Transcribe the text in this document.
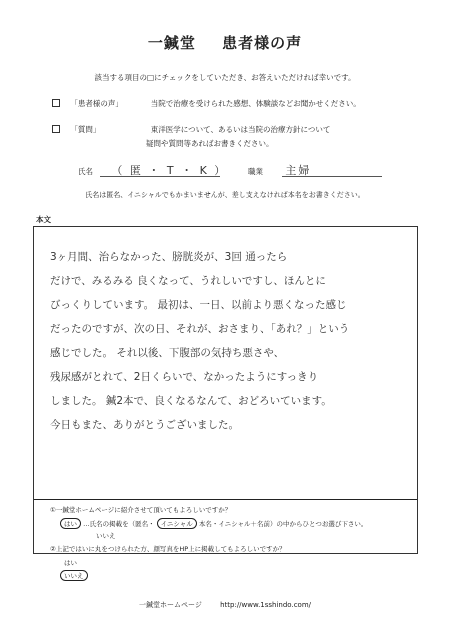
一鍼堂 患者様の声
該当する項目の□にチェックをしていただき、お答えいただければ幸いです。
「患者様の声」	当院で治療を受けられた感想、体験談などお聞かせください。
「質問」	東洋医学について、あるいは当院の治療方針について
疑問や質問等あればお書きください。
氏名 （ 匿 ・ T ・ K ）	職業 主婦
氏名は匿名、イニシャルでもかまいませんが、差し支えなければ本名をお書きください。
本文
3ヶ月間、治らなかった、膀胱炎が、3回 通ったら
だけで、みるみる 良くなって、うれしいですし、ほんとに
びっくりしています。 最初は、一日、以前より悪くなった感じ
だったのですが、次の日、それが、おさまり、「あれ？」という
感じでした。 それ以後、下腹部の気持ち悪さや、
残尿感がとれて、2日くらいで、なかったようにすっきり
しました。 鍼2本で、良くなるなんて、おどろいています。
今日もまた、ありがとうございました。
①一鍼堂ホームページに紹介させて頂いてもよろしいですか？
はい …氏名の掲載を（匿名・ イニシャル 本名・イニシャル＋名前）の中からひとつお選び下さい。
いいえ
②上記ではいに丸をつけられた方、顔写真をHP上に掲載してもよろしいですか？
はい
いいえ
一鍼堂ホームページ	http://www.1sshindo.com/
